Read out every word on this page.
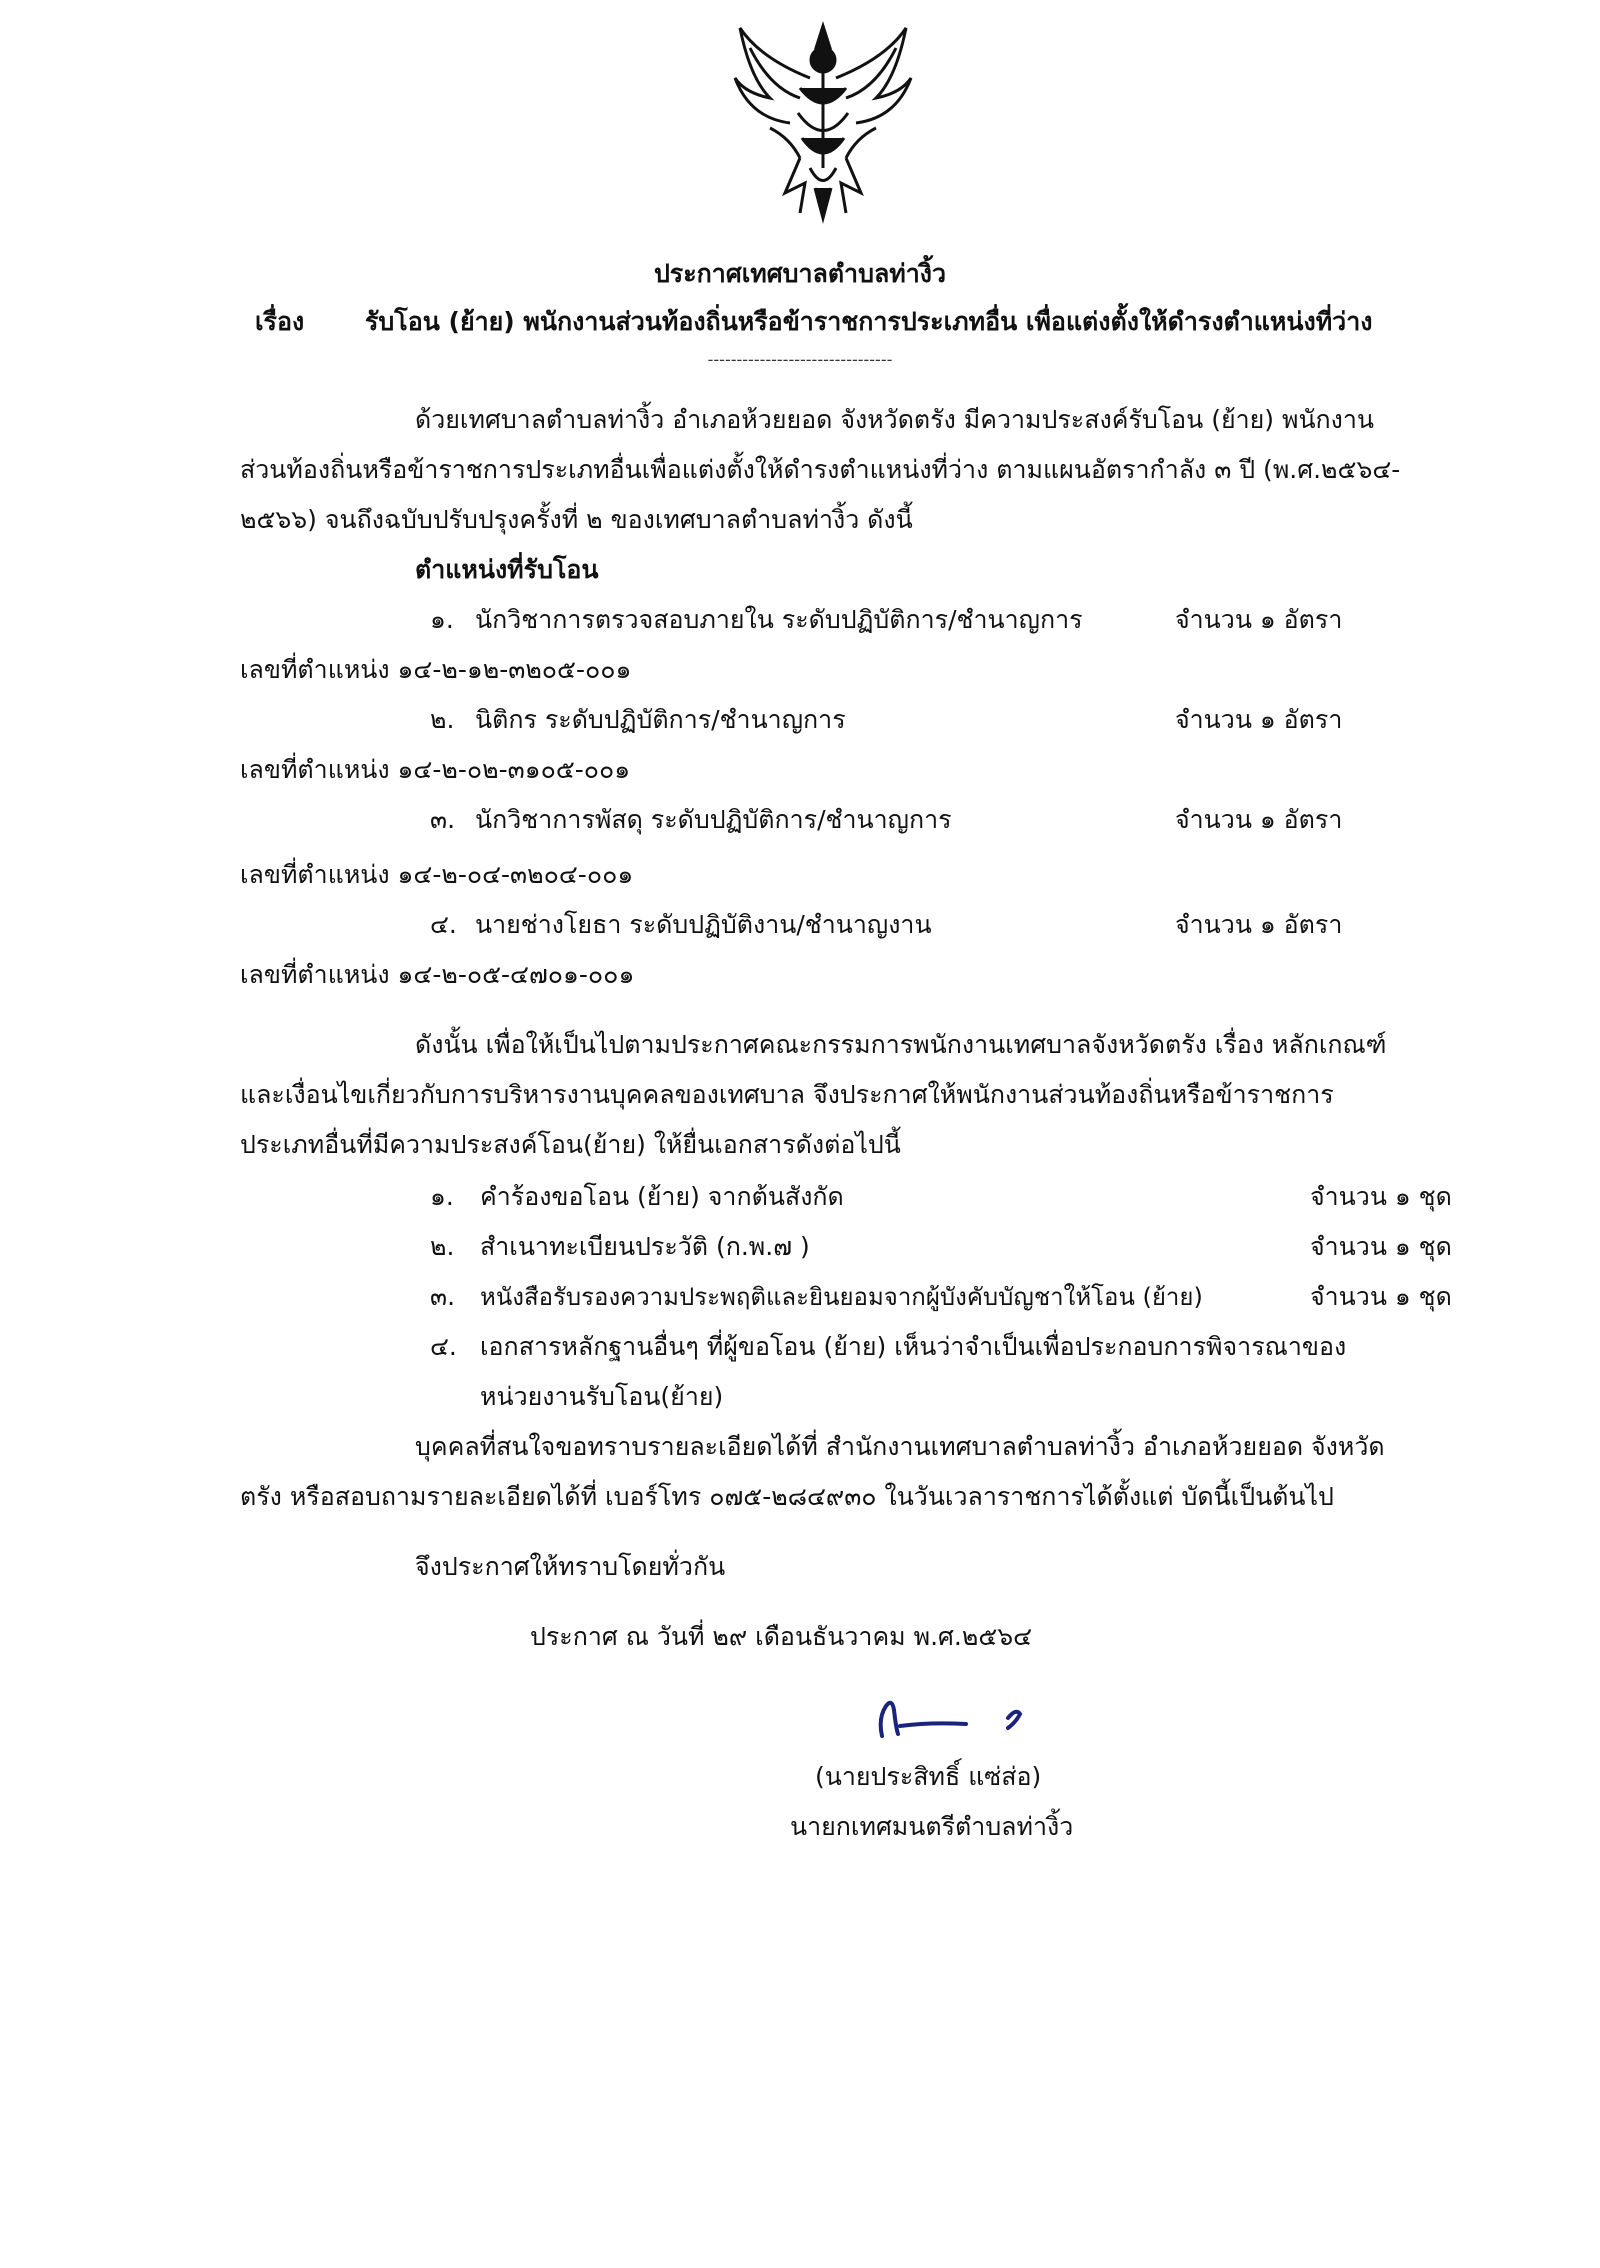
ประกาศเทศบาลตำบลท่างิ้ว
เรื่อง รับโอน (ย้าย) พนักงานส่วนท้องถิ่นหรือข้าราชการประเภทอื่น เพื่อแต่งตั้งให้ดำรงตำแหน่งที่ว่าง
--------------------------------
ด้วยเทศบาลตำบลท่างิ้ว อำเภอห้วยยอด จังหวัดตรัง มีความประสงค์รับโอน (ย้าย) พนักงาน
ส่วนท้องถิ่นหรือข้าราชการประเภทอื่นเพื่อแต่งตั้งให้ดำรงตำแหน่งที่ว่าง ตามแผนอัตรากำลัง ๓ ปี (พ.ศ.๒๕๖๔-
๒๕๖๖) จนถึงฉบับปรับปรุงครั้งที่ ๒ ของเทศบาลตำบลท่างิ้ว ดังนี้
ตำแหน่งที่รับโอน
๑. นักวิชาการตรวจสอบภายใน ระดับปฏิบัติการ/ชำนาญการ	จำนวน ๑ อัตรา
เลขที่ตำแหน่ง ๑๔-๒-๑๒-๓๒๐๕-๐๐๑
๒. นิติกร ระดับปฏิบัติการ/ชำนาญการ	จำนวน ๑ อัตรา
เลขที่ตำแหน่ง ๑๔-๒-๐๒-๓๑๐๕-๐๐๑
๓. นักวิชาการพัสดุ ระดับปฏิบัติการ/ชำนาญการ	จำนวน ๑ อัตรา
เลขที่ตำแหน่ง ๑๔-๒-๐๔-๓๒๐๔-๐๐๑
๔. นายช่างโยธา ระดับปฏิบัติงาน/ชำนาญงาน	จำนวน ๑ อัตรา
เลขที่ตำแหน่ง ๑๔-๒-๐๕-๔๗๐๑-๐๐๑
ดังนั้น เพื่อให้เป็นไปตามประกาศคณะกรรมการพนักงานเทศบาลจังหวัดตรัง เรื่อง หลักเกณฑ์
และเงื่อนไขเกี่ยวกับการบริหารงานบุคคลของเทศบาล จึงประกาศให้พนักงานส่วนท้องถิ่นหรือข้าราชการ
ประเภทอื่นที่มีความประสงค์โอน(ย้าย) ให้ยื่นเอกสารดังต่อไปนี้
๑. คำร้องขอโอน (ย้าย) จากต้นสังกัด	จำนวน ๑ ชุด
๒. สำเนาทะเบียนประวัติ (ก.พ.๗ )	จำนวน ๑ ชุด
๓. หนังสือรับรองความประพฤติและยินยอมจากผู้บังคับบัญชาให้โอน (ย้าย)	จำนวน ๑ ชุด
๔. เอกสารหลักฐานอื่นๆ ที่ผู้ขอโอน (ย้าย) เห็นว่าจำเป็นเพื่อประกอบการพิจารณาของ
หน่วยงานรับโอน(ย้าย)
บุคคลที่สนใจขอทราบรายละเอียดได้ที่ สำนักงานเทศบาลตำบลท่างิ้ว อำเภอห้วยยอด จังหวัด
ตรัง หรือสอบถามรายละเอียดได้ที่ เบอร์โทร ๐๗๕-๒๘๔๙๓๐ ในวันเวลาราชการได้ตั้งแต่ บัดนี้เป็นต้นไป
จึงประกาศให้ทราบโดยทั่วกัน
ประกาศ ณ วันที่ ๒๙ เดือนธันวาคม พ.ศ.๒๕๖๔
(นายประสิทธิ์ แซ่ส่อ)
นายกเทศมนตรีตำบลท่างิ้ว
